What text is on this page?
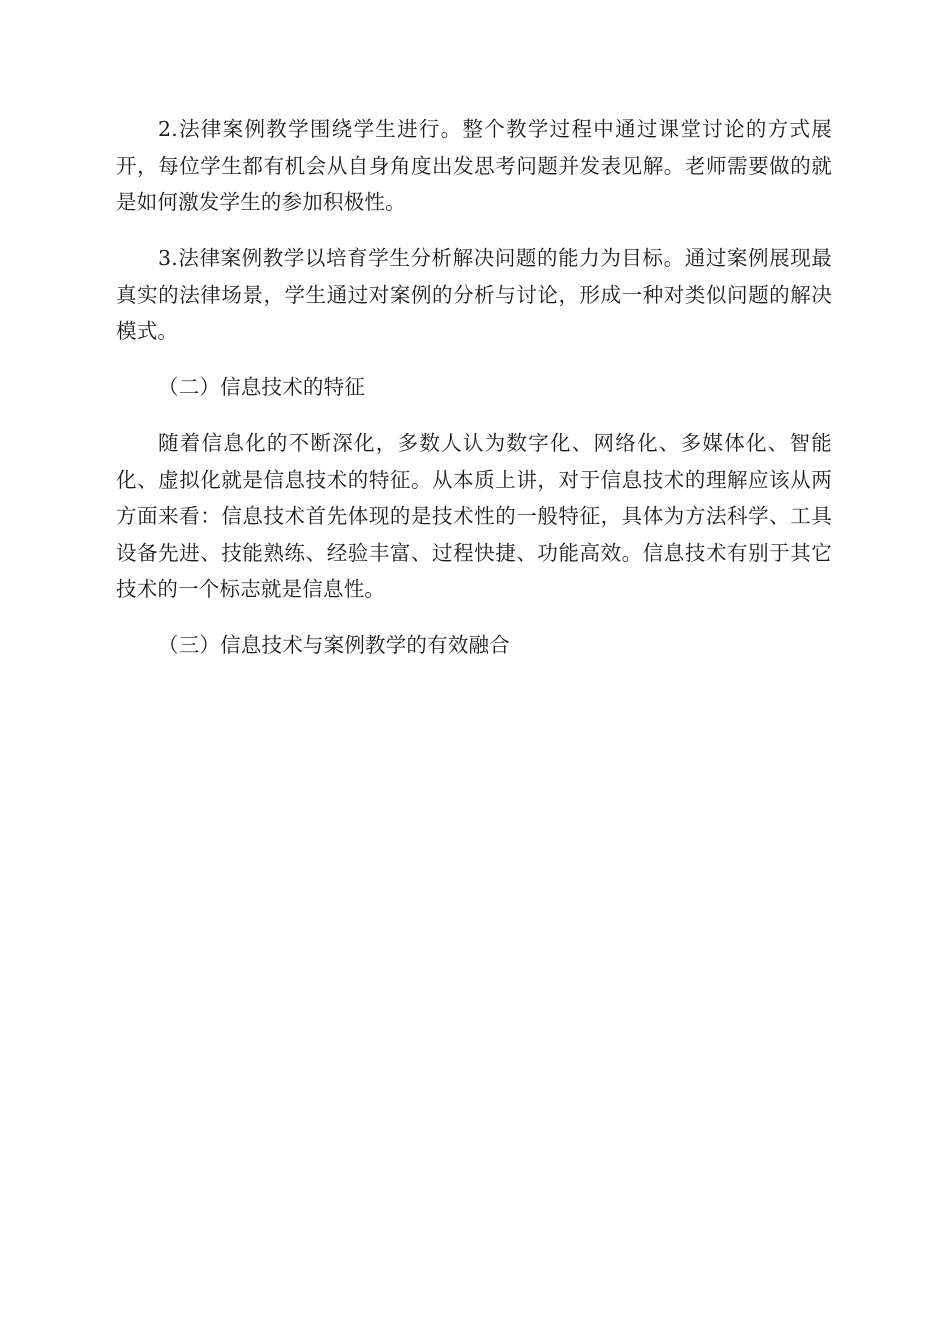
2.法律案例教学围绕学生进行。整个教学过程中通过课堂讨论的方式展开，每位学生都有机会从自身角度出发思考问题并发表见解。老师需要做的就是如何激发学生的参加积极性。

3.法律案例教学以培育学生分析解决问题的能力为目标。通过案例展现最真实的法律场景，学生通过对案例的分析与讨论，形成一种对类似问题的解决模式。

（二）信息技术的特征

随着信息化的不断深化，多数人认为数字化、网络化、多媒体化、智能化、虚拟化就是信息技术的特征。从本质上讲，对于信息技术的理解应该从两方面来看：信息技术首先体现的是技术性的一般特征，具体为方法科学、工具设备先进、技能熟练、经验丰富、过程快捷、功能高效。信息技术有别于其它技术的一个标志就是信息性。

（三）信息技术与案例教学的有效融合
